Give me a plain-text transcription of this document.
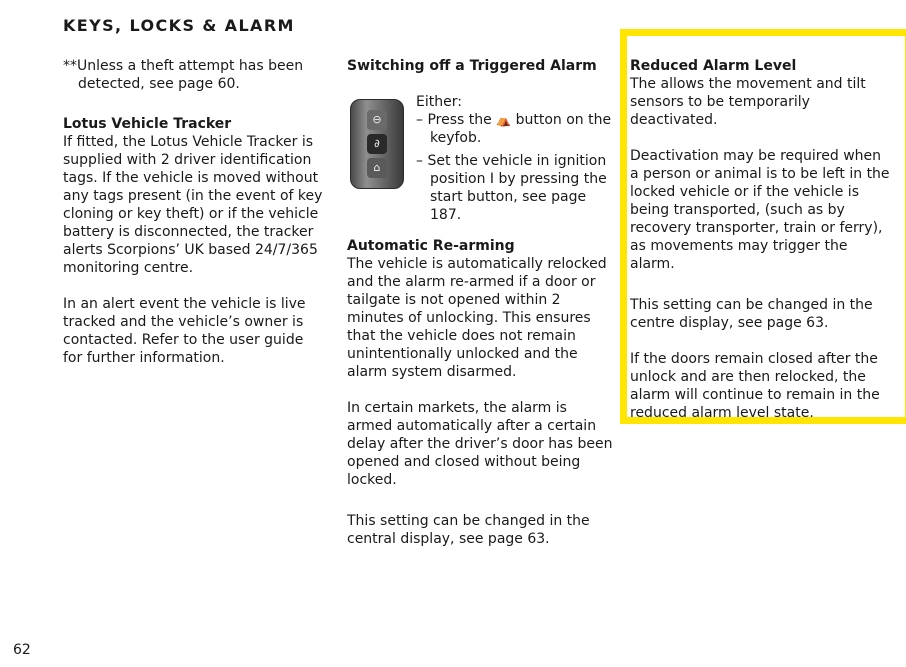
KEYS, LOCKS & ALARM

**Unless a theft attempt has been

detected, see page 60.

Lotus Vehicle Tracker

If fitted, the Lotus Vehicle Tracker is supplied with 2 driver identification tags. If the vehicle is moved without any tags present (in the event of key cloning or key theft) or if the vehicle battery is disconnected, the tracker alerts Scorpions’ UK based 24/7/365 monitoring centre.

In an alert event the vehicle is live tracked and the vehicle’s owner is contacted. Refer to the user guide for further information.

Switching off a Triggered Alarm

⊖
∂
⌂

Either:

– Press the ⛺ button on the keyfob.

– Set the vehicle in ignition position I by pressing the start button, see page 187.

Automatic Re-arming

The vehicle is automatically relocked and the alarm re-armed if a door or tailgate is not opened within 2 minutes of unlocking. This ensures that the vehicle does not remain unintentionally unlocked and the alarm system disarmed.

In certain markets, the alarm is armed automatically after a certain delay after the driver’s door has been opened and closed without being locked.

This setting can be changed in the central display, see page 63.

Reduced Alarm Level

The allows the movement and tilt sensors to be temporarily deactivated.

Deactivation may be required when a person or animal is to be left in the locked vehicle or if the vehicle is being transported, (such as by recovery transporter, train or ferry), as movements may trigger the alarm.

This setting can be changed in the centre display, see page 63.

If the doors remain closed after the unlock and are then relocked, the alarm will continue to remain in the reduced alarm level state.

62
